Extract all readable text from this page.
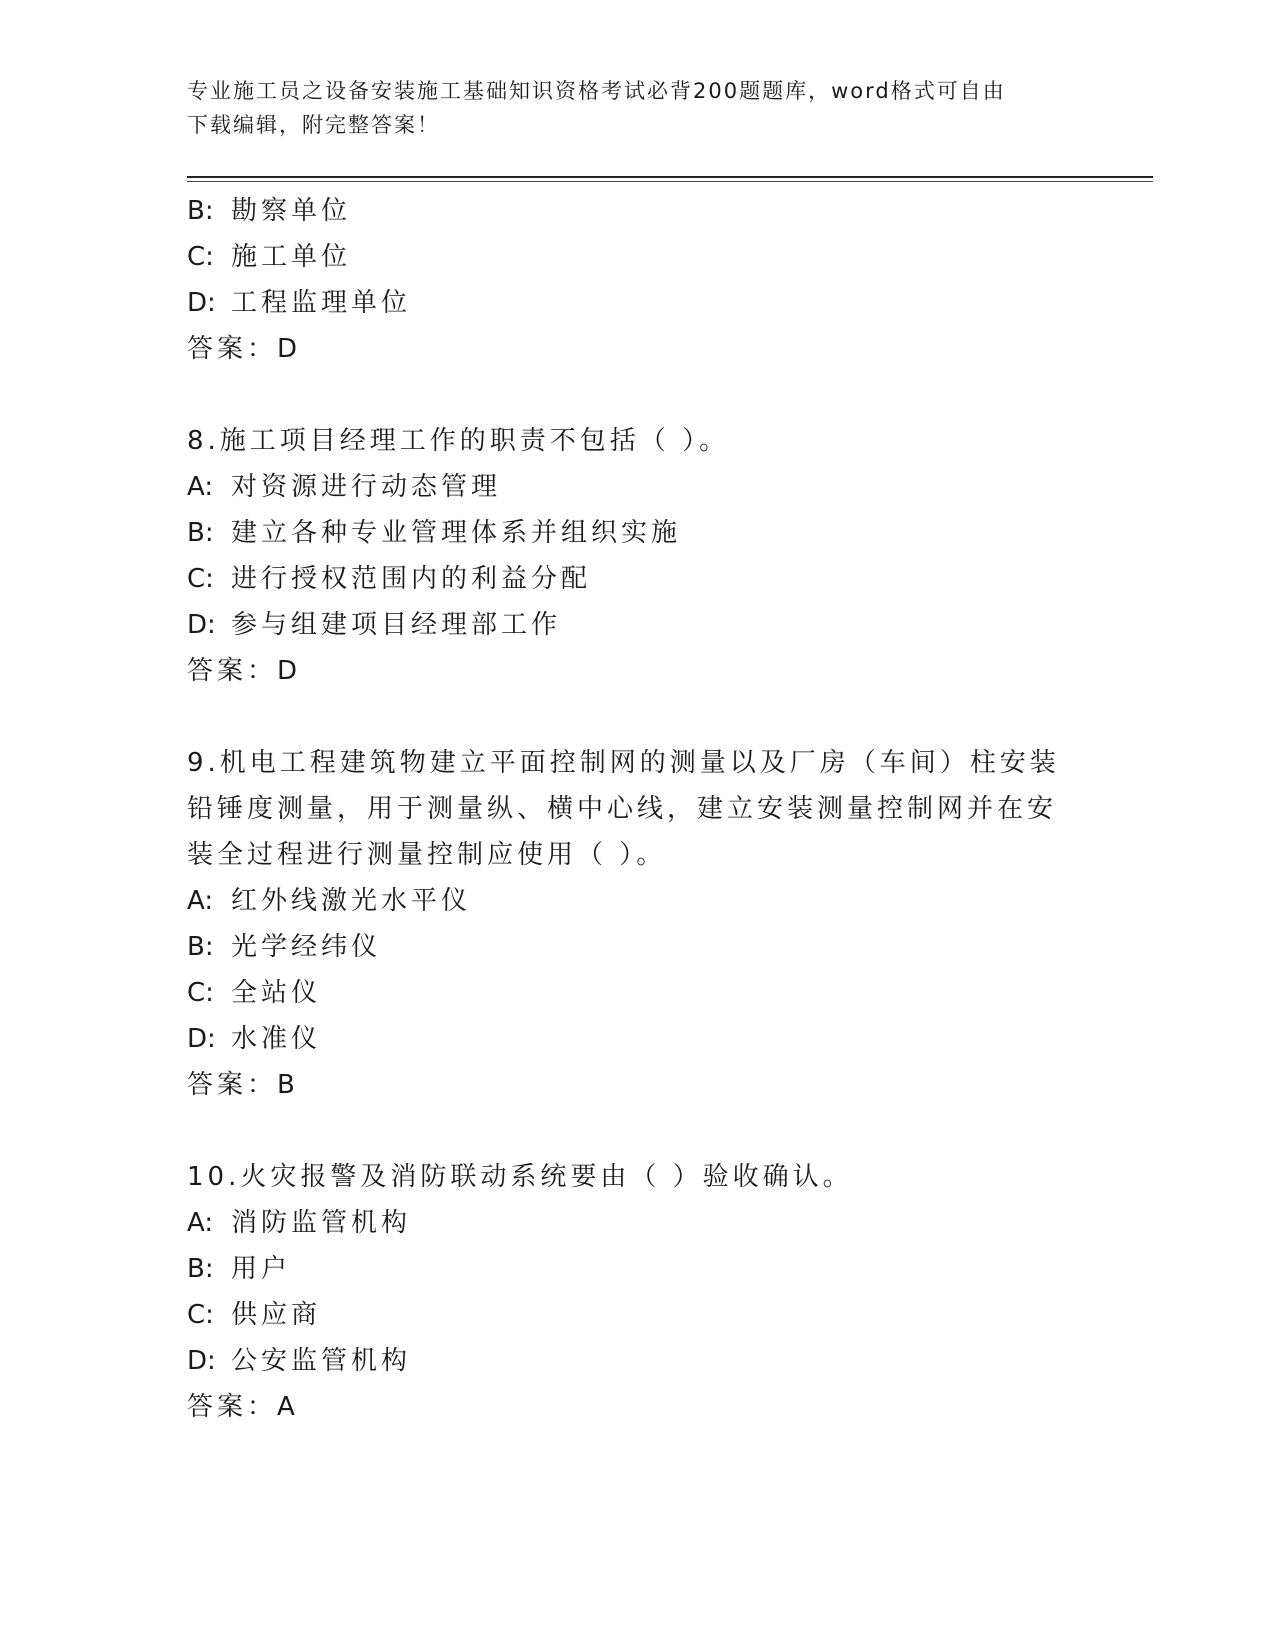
专业施工员之设备安装施工基础知识资格考试必背200题题库，word格式可自由
下载编辑，附完整答案！
B: 勘察单位
C: 施工单位
D: 工程监理单位
答案：D
8.施工项目经理工作的职责不包括（ ）。
A: 对资源进行动态管理
B: 建立各种专业管理体系并组织实施
C: 进行授权范围内的利益分配
D: 参与组建项目经理部工作
答案：D
9.机电工程建筑物建立平面控制网的测量以及厂房（车间）柱安装铅锤度测量，用于测量纵、横中心线，建立安装测量控制网并在安装全过程进行测量控制应使用（ ）。
A: 红外线激光水平仪
B: 光学经纬仪
C: 全站仪
D: 水准仪
答案：B
10.火灾报警及消防联动系统要由（ ）验收确认。
A: 消防监管机构
B: 用户
C: 供应商
D: 公安监管机构
答案：A
